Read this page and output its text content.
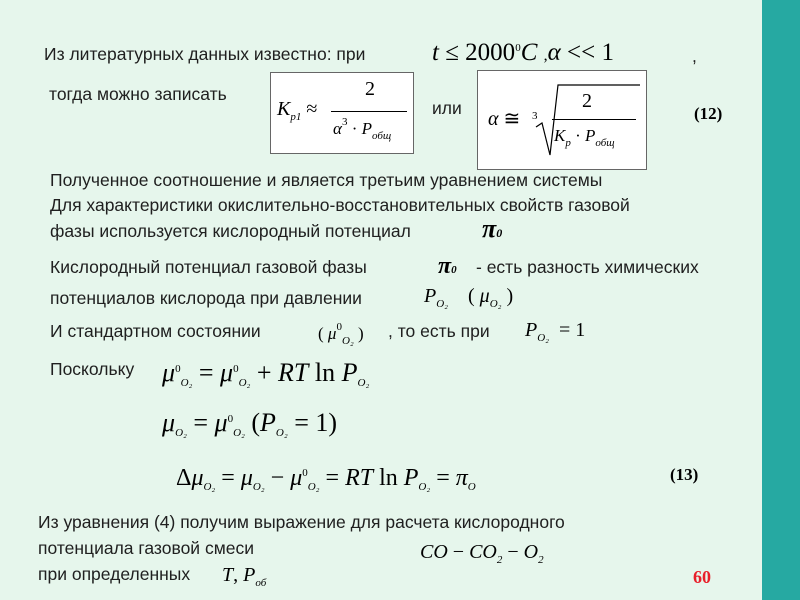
Из литературных данных известно: при	$t \le 2000^0C$ ,α << 1	,
тогда можно записать
$K_{p1}$ ≈
2
$\alpha^3 \cdot P_{общ}$
или α ≅ 3
2
$K_p \cdot P_{общ}$
(12)
Полученное соотношение и является третьим уравнением системы
Для характеристики окислительно-восстановительных свойств газовой
фазы используется кислородный потенциал	π0
Кислородный потенциал газовой фазы	π0 - есть разность химических
потенциалов кислорода при давлении	$P_{O_2}$    ( $\mu_{O_2}$ )
И стандартном состоянии	( $\mu^0_{O_2}$ ) , то есть при $P_{O_2} = 1$
Поскольку $\mu^0_{O_2} = \mu^0_{O_2}$ + RT $\ln P_{O_2}$
$\mu_{O_2} = \mu^0_{O_2}$ $(P_{O_2} = 1)$
$\Delta\mu_{O_2} = \mu_{O_2} - \mu^0_{O_2}$ = RT $\ln P_{O_2} = \pi_O$
(13)
Из уравнения (4) получим выражение для расчета кислородного
потенциала газовой смеси	CO − $CO_2 - O_2$
при определенных T, $P_{об}$	60
